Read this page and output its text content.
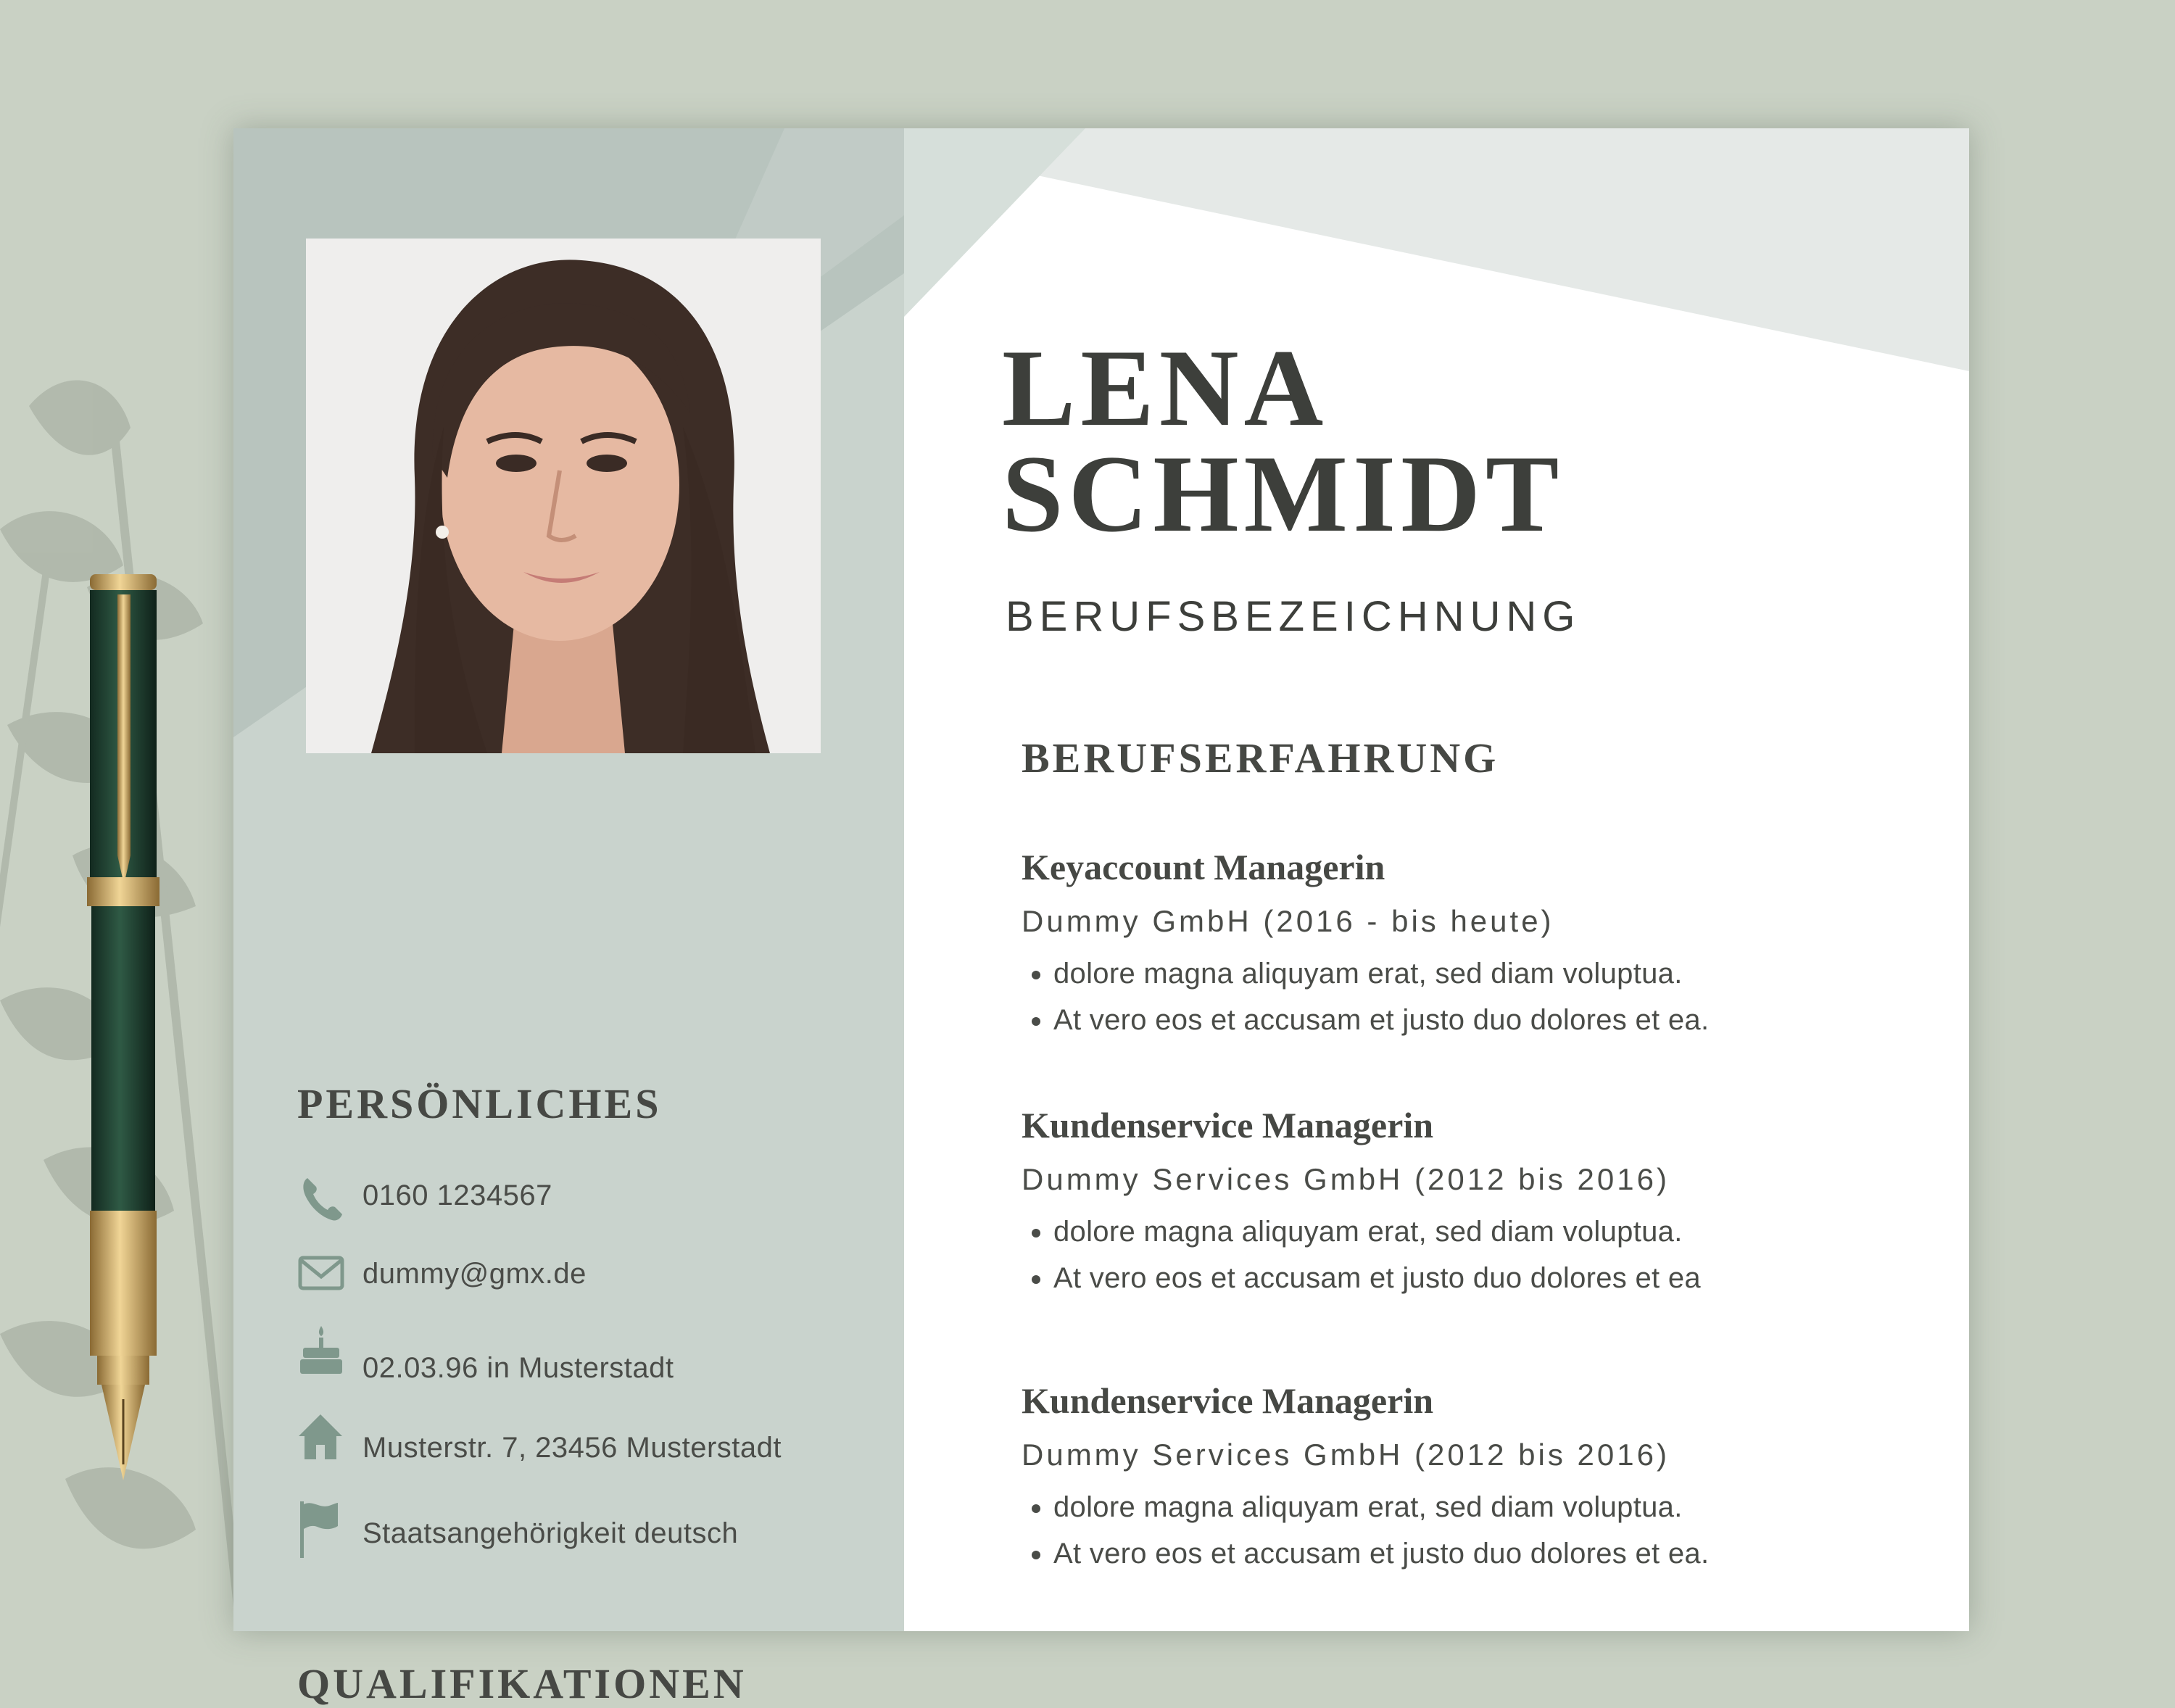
PERSÖNLICHES
0160 1234567
dummy@gmx.de
02.03.96 in Musterstadt
Musterstr. 7, 23456 Musterstadt
Staatsangehörigkeit deutsch
QUALIFIKATIONEN
LENA
SCHMIDT
BERUFSBEZEICHNUNG
BERUFSERFAHRUNG
Keyaccount Managerin
Dummy GmbH (2016 - bis heute)
• dolore magna aliquyam erat, sed diam voluptua.
• At vero eos et accusam et justo duo dolores et ea.
Kundenservice Managerin
Dummy Services GmbH (2012 bis 2016)
• dolore magna aliquyam erat, sed diam voluptua.
• At vero eos et accusam et justo duo dolores et ea
Kundenservice Managerin
Dummy Services GmbH (2012 bis 2016)
• dolore magna aliquyam erat, sed diam voluptua.
• At vero eos et accusam et justo duo dolores et ea.
